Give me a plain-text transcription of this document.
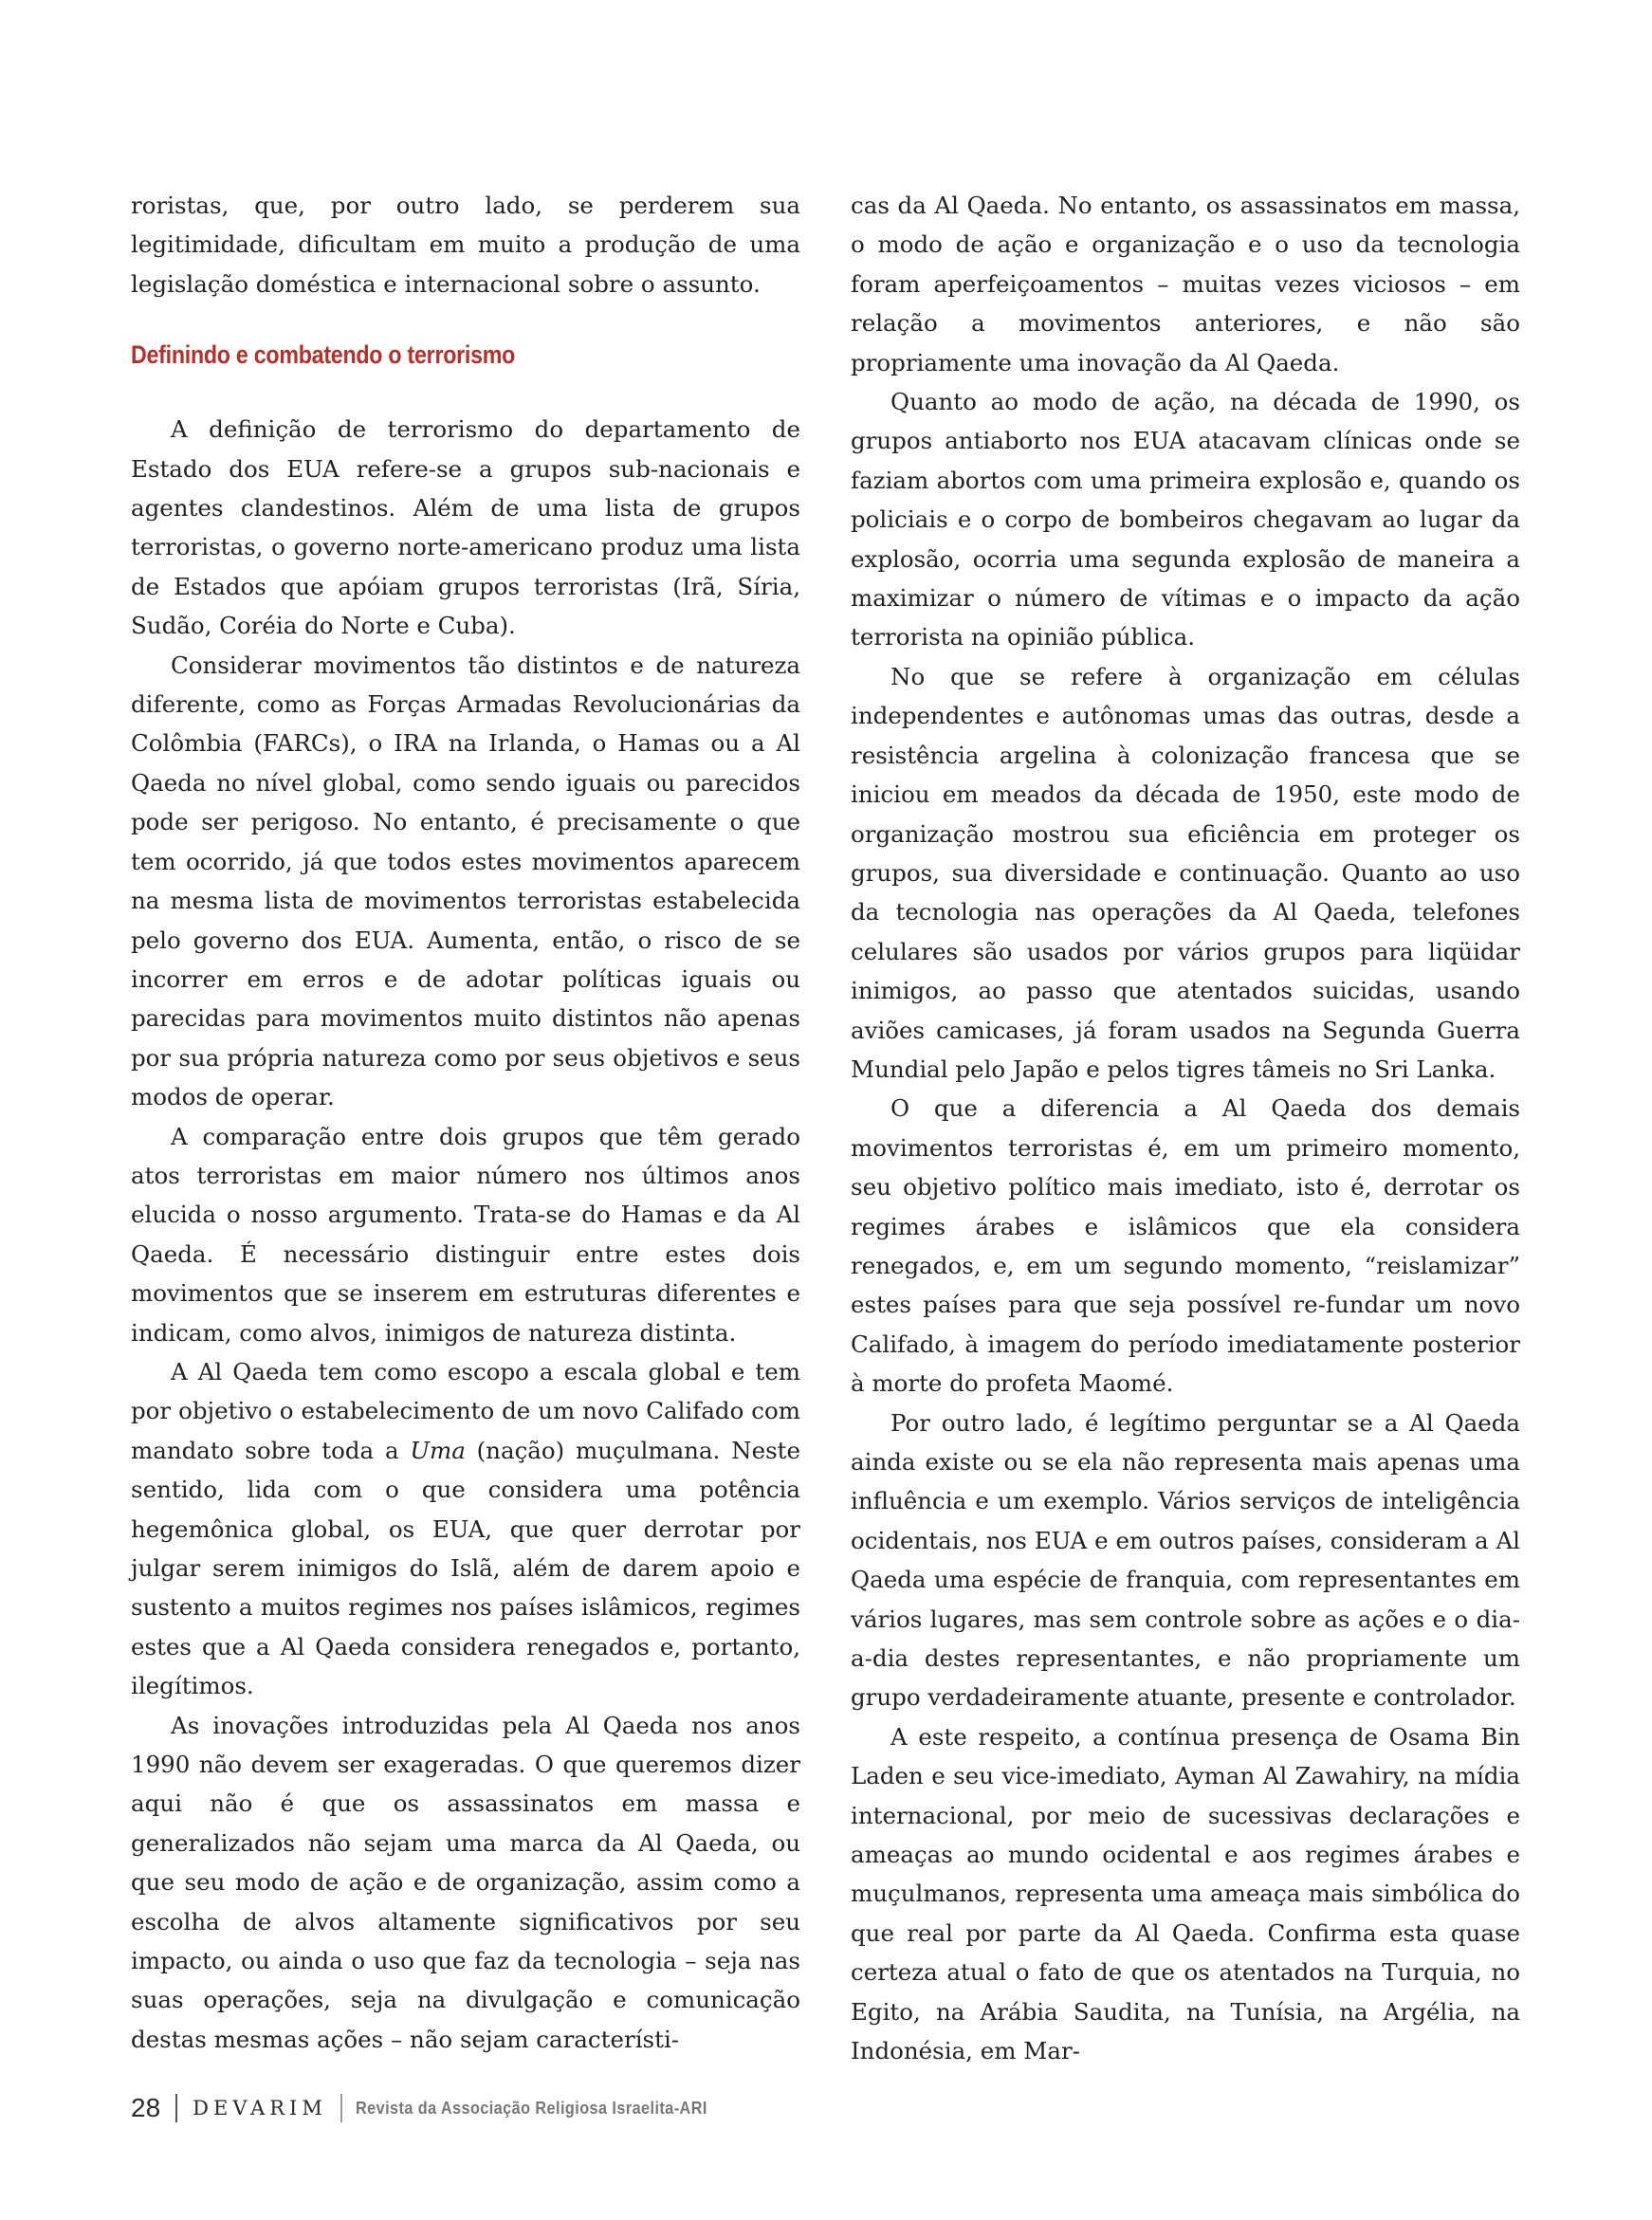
roristas, que, por outro lado, se perderem sua legitimidade, dificultam em muito a produção de uma legislação doméstica e internacional sobre o assunto.

Definindo e combatendo o terrorismo

A definição de terrorismo do departamento de Estado dos EUA refere-se a grupos sub-nacionais e agentes clandestinos. Além de uma lista de grupos terroristas, o governo norte-americano produz uma lista de Estados que apóiam grupos terroristas (Irã, Síria, Sudão, Coréia do Norte e Cuba).

Considerar movimentos tão distintos e de natureza diferente, como as Forças Armadas Revolucionárias da Colômbia (FARCs), o IRA na Irlanda, o Hamas ou a Al Qaeda no nível global, como sendo iguais ou parecidos pode ser perigoso. No entanto, é precisamente o que tem ocorrido, já que todos estes movimentos aparecem na mesma lista de movimentos terroristas estabelecida pelo governo dos EUA. Aumenta, então, o risco de se incorrer em erros e de adotar políticas iguais ou parecidas para movimentos muito distintos não apenas por sua própria natureza como por seus objetivos e seus modos de operar.

A comparação entre dois grupos que têm gerado atos terroristas em maior número nos últimos anos elucida o nosso argumento. Trata-se do Hamas e da Al Qaeda. É necessário distinguir entre estes dois movimentos que se inserem em estruturas diferentes e indicam, como alvos, inimigos de natureza distinta.

A Al Qaeda tem como escopo a escala global e tem por objetivo o estabelecimento de um novo Califado com mandato sobre toda a Uma (nação) muçulmana. Neste sentido, lida com o que considera uma potência hegemônica global, os EUA, que quer derrotar por julgar serem inimigos do Islã, além de darem apoio e sustento a muitos regimes nos países islâmicos, regimes estes que a Al Qaeda considera renegados e, portanto, ilegítimos.

As inovações introduzidas pela Al Qaeda nos anos 1990 não devem ser exageradas. O que queremos dizer aqui não é que os assassinatos em massa e generalizados não sejam uma marca da Al Qaeda, ou que seu modo de ação e de organização, assim como a escolha de alvos altamente significativos por seu impacto, ou ainda o uso que faz da tecnologia – seja nas suas operações, seja na divulgação e comunicação destas mesmas ações – não sejam característi-

cas da Al Qaeda. No entanto, os assassinatos em massa, o modo de ação e organização e o uso da tecnologia foram aperfeiçoamentos – muitas vezes viciosos – em relação a movimentos anteriores, e não são propriamente uma inovação da Al Qaeda.

Quanto ao modo de ação, na década de 1990, os grupos antiaborto nos EUA atacavam clínicas onde se faziam abortos com uma primeira explosão e, quando os policiais e o corpo de bombeiros chegavam ao lugar da explosão, ocorria uma segunda explosão de maneira a maximizar o número de vítimas e o impacto da ação terrorista na opinião pública.

No que se refere à organização em células independentes e autônomas umas das outras, desde a resistência argelina à colonização francesa que se iniciou em meados da década de 1950, este modo de organização mostrou sua eficiência em proteger os grupos, sua diversidade e continuação. Quanto ao uso da tecnologia nas operações da Al Qaeda, telefones celulares são usados por vários grupos para liqüidar inimigos, ao passo que atentados suicidas, usando aviões camicases, já foram usados na Segunda Guerra Mundial pelo Japão e pelos tigres tâmeis no Sri Lanka.

O que a diferencia a Al Qaeda dos demais movimentos terroristas é, em um primeiro momento, seu objetivo político mais imediato, isto é, derrotar os regimes árabes e islâmicos que ela considera renegados, e, em um segundo momento, “reislamizar” estes países para que seja possível re-fundar um novo Califado, à imagem do período imediatamente posterior à morte do profeta Maomé.

Por outro lado, é legítimo perguntar se a Al Qaeda ainda existe ou se ela não representa mais apenas uma influência e um exemplo. Vários serviços de inteligência ocidentais, nos EUA e em outros países, consideram a Al Qaeda uma espécie de franquia, com representantes em vários lugares, mas sem controle sobre as ações e o dia-a-dia destes representantes, e não propriamente um grupo verdadeiramente atuante, presente e controlador.

A este respeito, a contínua presença de Osama Bin Laden e seu vice-imediato, Ayman Al Zawahiry, na mídia internacional, por meio de sucessivas declarações e ameaças ao mundo ocidental e aos regimes árabes e muçulmanos, representa uma ameaça mais simbólica do que real por parte da Al Qaeda. Confirma esta quase certeza atual o fato de que os atentados na Turquia, no Egito, na Arábia Saudita, na Tunísia, na Argélia, na Indonésia, em Mar-

28 DEVARIM Revista da Associação Religiosa Israelita-ARI
